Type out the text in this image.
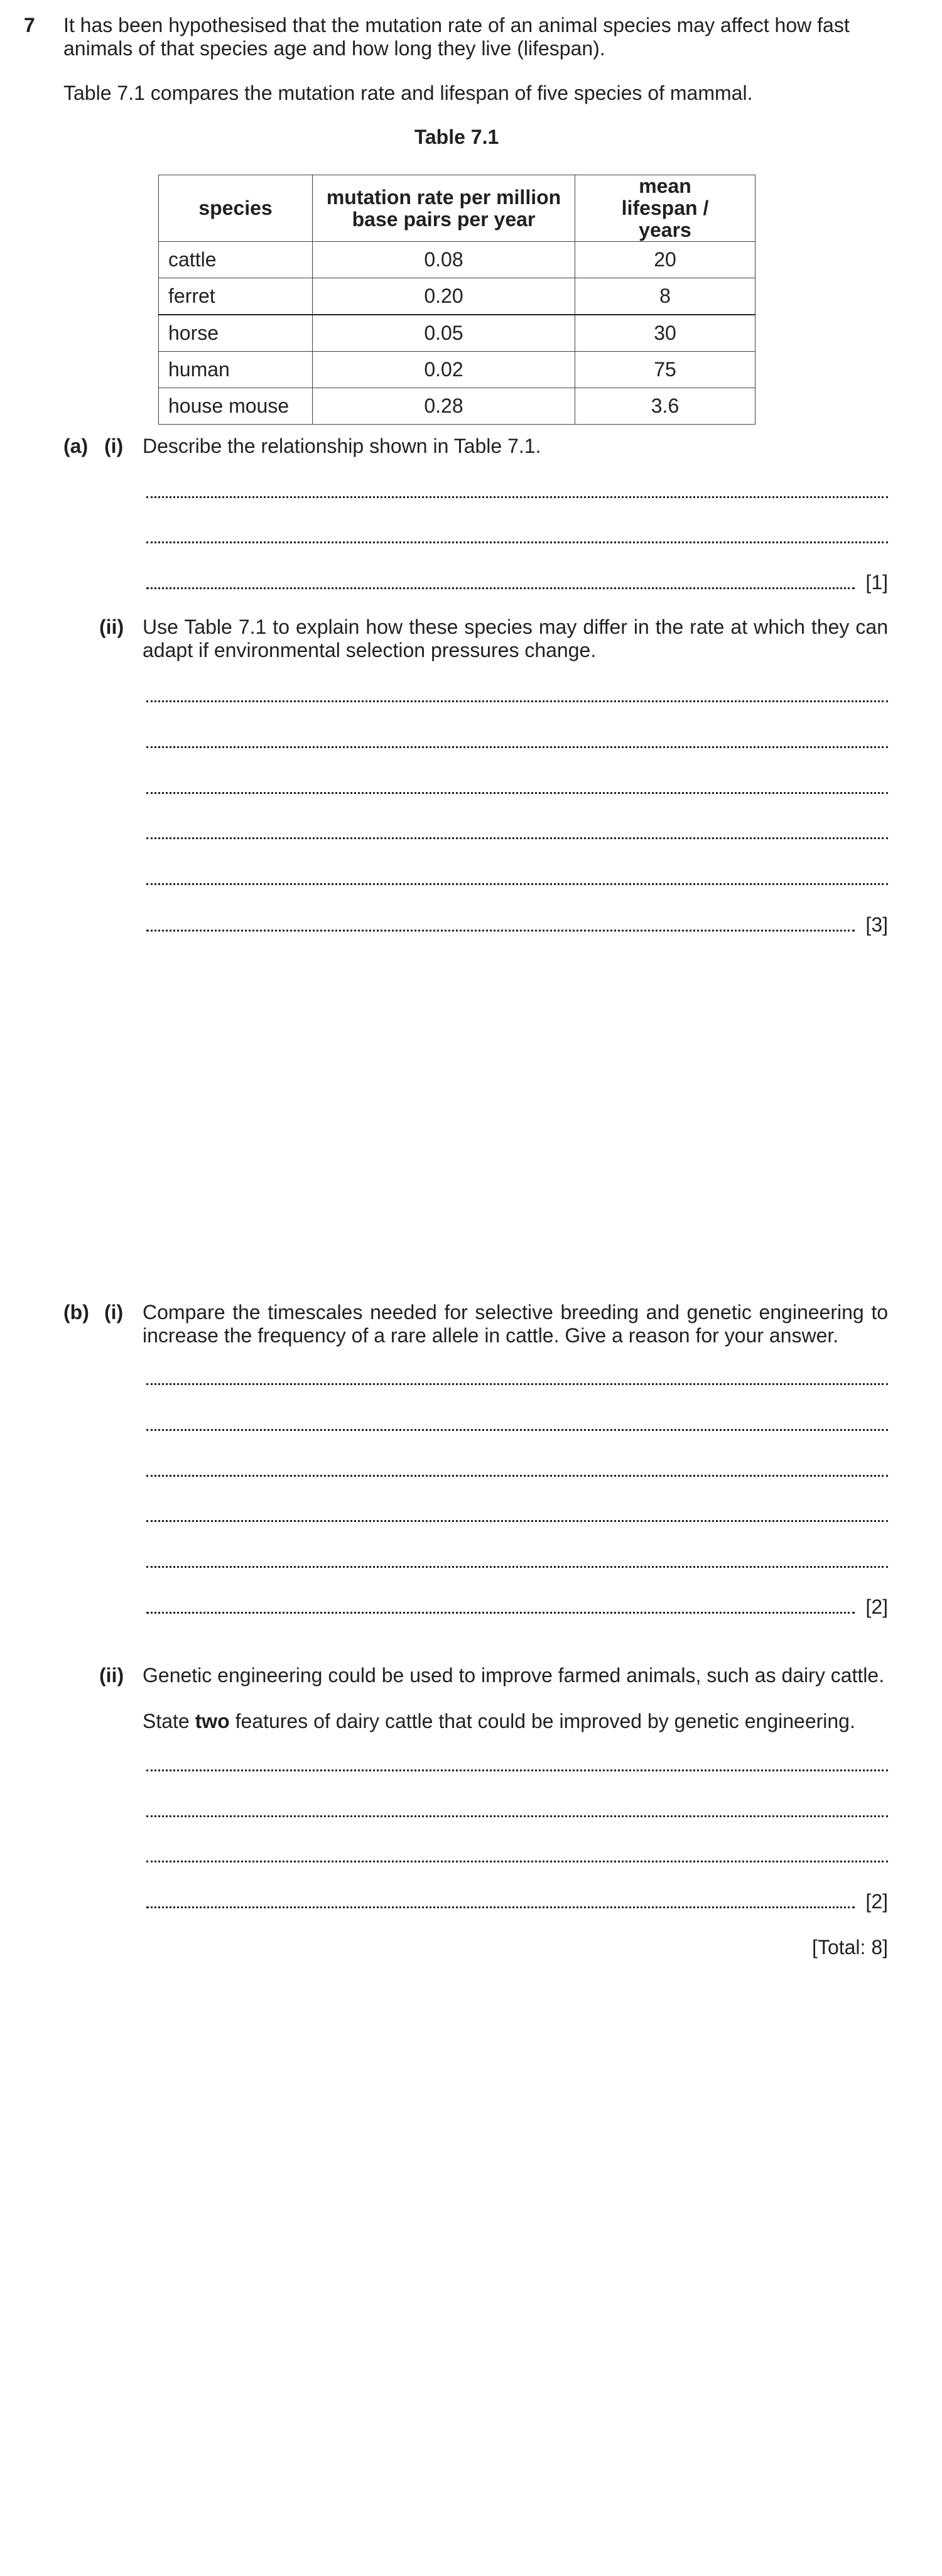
7 It has been hypothesised that the mutation rate of an animal species may affect how fast animals of that species age and how long they live (lifespan).
Table 7.1 compares the mutation rate and lifespan of five species of mammal.
Table 7.1
species	mutation rate per million base pairs per year	mean lifespan / years
cattle	0.08	20
ferret	0.20	8
horse	0.05	30
human	0.02	75
house mouse	0.28	3.6
(a) (i) Describe the relationship shown in Table 7.1.
[1]
(ii) Use Table 7.1 to explain how these species may differ in the rate at which they can adapt if environmental selection pressures change.
[3]
(b) (i) Compare the timescales needed for selective breeding and genetic engineering to increase the frequency of a rare allele in cattle. Give a reason for your answer.
[2]
(ii) Genetic engineering could be used to improve farmed animals, such as dairy cattle.
State two features of dairy cattle that could be improved by genetic engineering.
[2]
[Total: 8]
